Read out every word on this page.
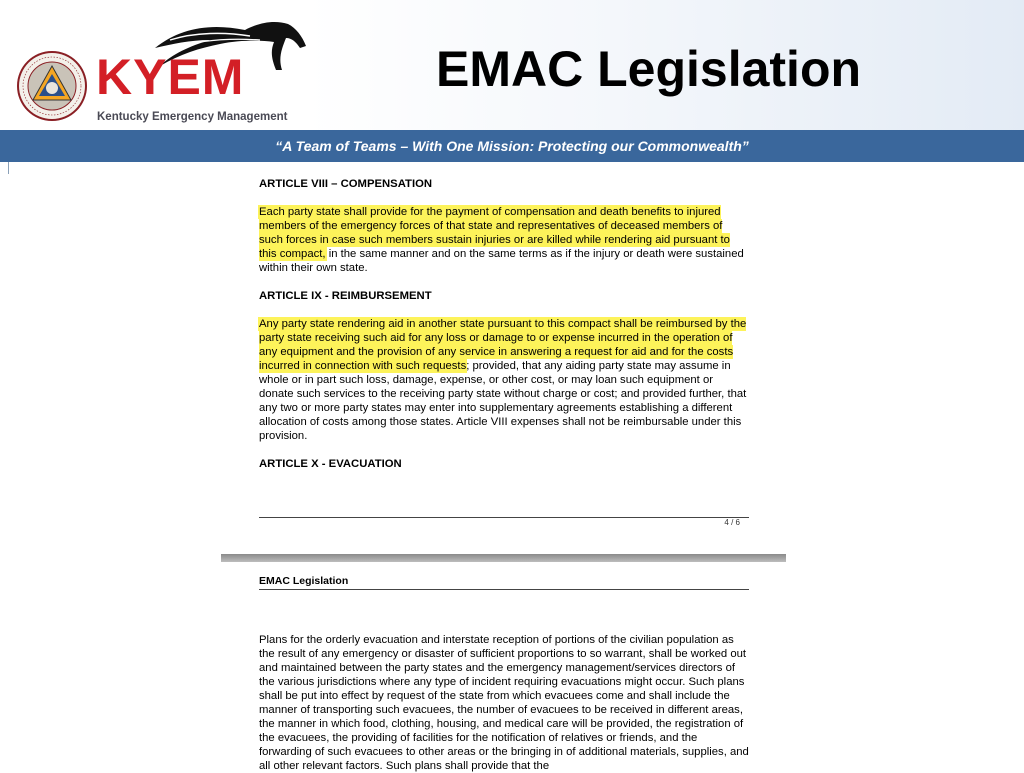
KYEM
Kentucky Emergency Management
EMAC Legislation
“A Team of Teams – With One Mission: Protecting our Commonwealth”
ARTICLE VIII – COMPENSATION

Each party state shall provide for the payment of compensation and death benefits to injured members of the emergency forces of that state and representatives of deceased members of such forces in case such members sustain injuries or are killed while rendering aid pursuant to this compact, in the same manner and on the same terms as if the injury or death were sustained within their own state.

ARTICLE IX - REIMBURSEMENT

Any party state rendering aid in another state pursuant to this compact shall be reimbursed by the party state receiving such aid for any loss or damage to or expense incurred in the operation of any equipment and the provision of any service in answering a request for aid and for the costs incurred in connection with such requests; provided, that any aiding party state may assume in whole or in part such loss, damage, expense, or other cost, or may loan such equipment or donate such services to the receiving party state without charge or cost; and provided further, that any two or more party states may enter into supplementary agreements establishing a different allocation of costs among those states. Article VIII expenses shall not be reimbursable under this provision.

ARTICLE X - EVACUATION
4 / 6
EMAC Legislation

Plans for the orderly evacuation and interstate reception of portions of the civilian population as the result of any emergency or disaster of sufficient proportions to so warrant, shall be worked out and maintained between the party states and the emergency management/services directors of the various jurisdictions where any type of incident requiring evacuations might occur. Such plans shall be put into effect by request of the state from which evacuees come and shall include the manner of transporting such evacuees, the number of evacuees to be received in different areas, the manner in which food, clothing, housing, and medical care will be provided, the registration of the evacuees, the providing of facilities for the notification of relatives or friends, and the forwarding of such evacuees to other areas or the bringing in of additional materials, supplies, and all other relevant factors. Such plans shall provide that the
